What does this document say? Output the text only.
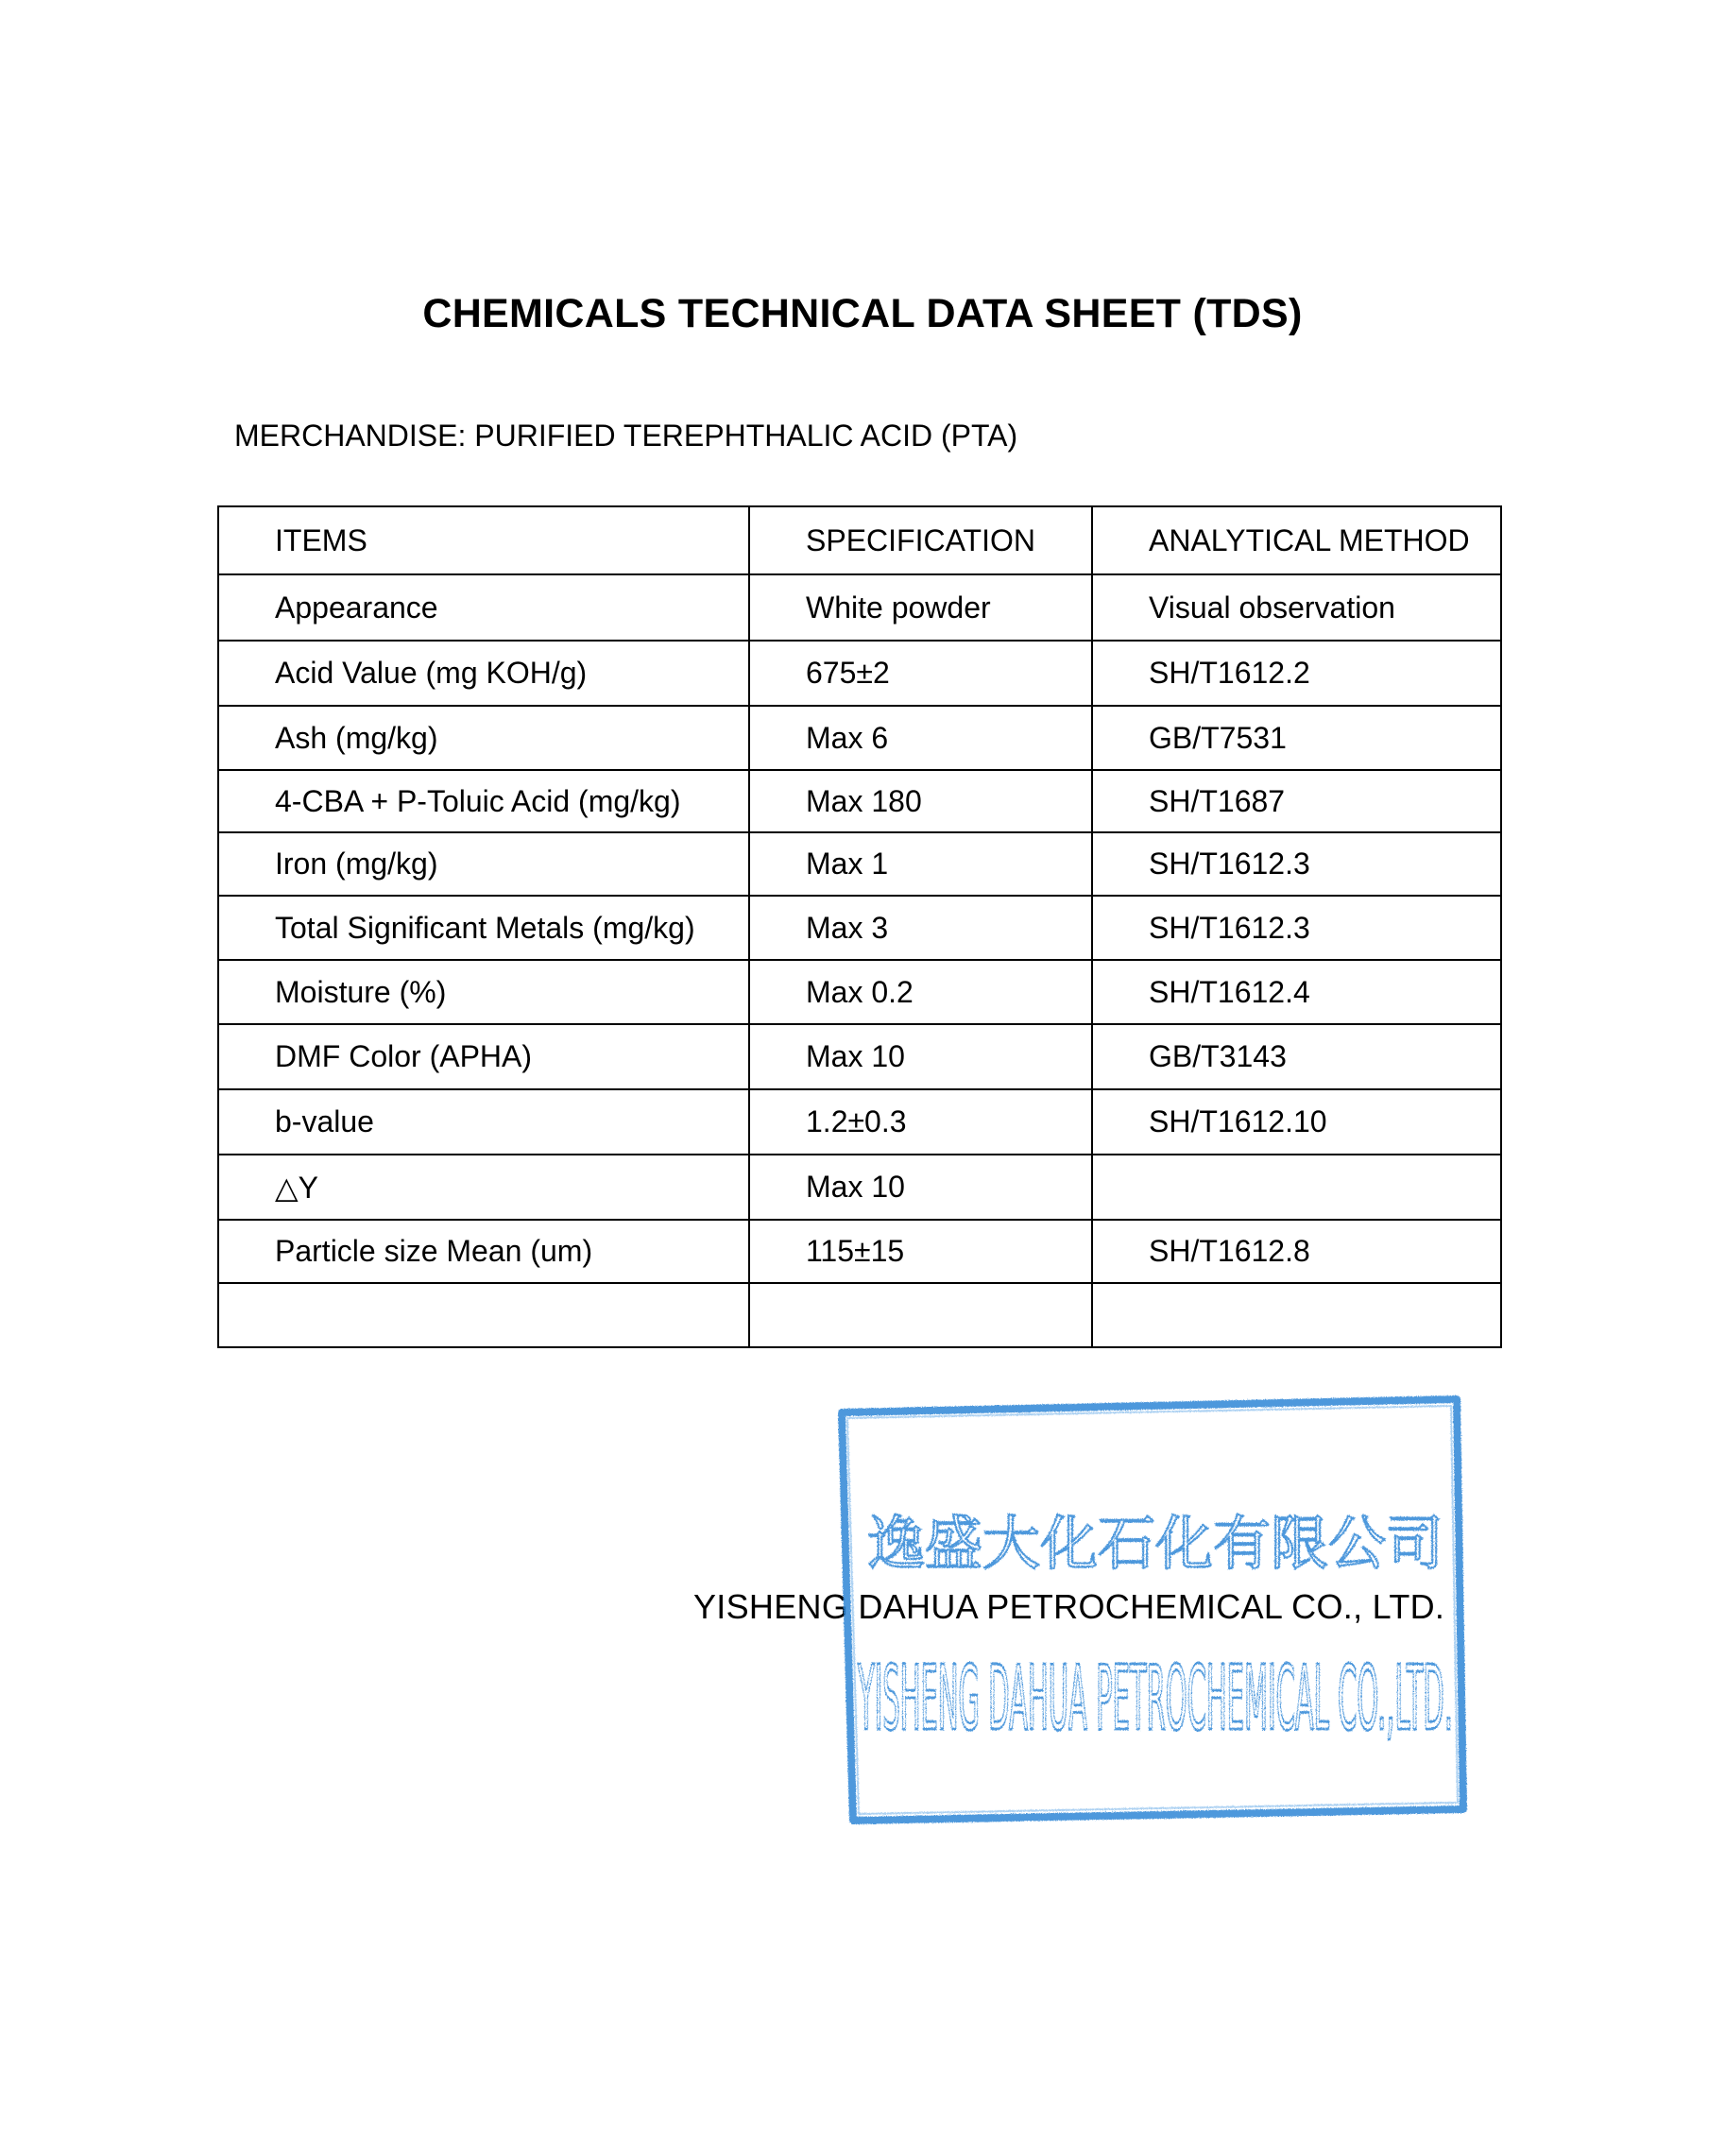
CHEMICALS TECHNICAL DATA SHEET (TDS)
MERCHANDISE: PURIFIED TEREPHTHALIC ACID (PTA)
ITEMS	SPECIFICATION	ANALYTICAL METHOD
Appearance	White powder	Visual observation
Acid Value (mg KOH/g)	675±2	SH/T1612.2
Ash (mg/kg)	Max 6	GB/T7531
4-CBA + P-Toluic Acid (mg/kg)	Max 180	SH/T1687
Iron (mg/kg)	Max 1	SH/T1612.3
Total Significant Metals (mg/kg)	Max 3	SH/T1612.3
Moisture (%)	Max 0.2	SH/T1612.4
DMF Color (APHA)	Max 10	GB/T3143
b-value	1.2±0.3	SH/T1612.10
△Y	Max 10	
Particle size Mean (um)	115±15	SH/T1612.8

YISHENG DAHUA PETROCHEMICAL CO., LTD.
逸盛大化石化有限公司
YISHENG DAHUA PETROCHEMICAL CO.,LTD.
